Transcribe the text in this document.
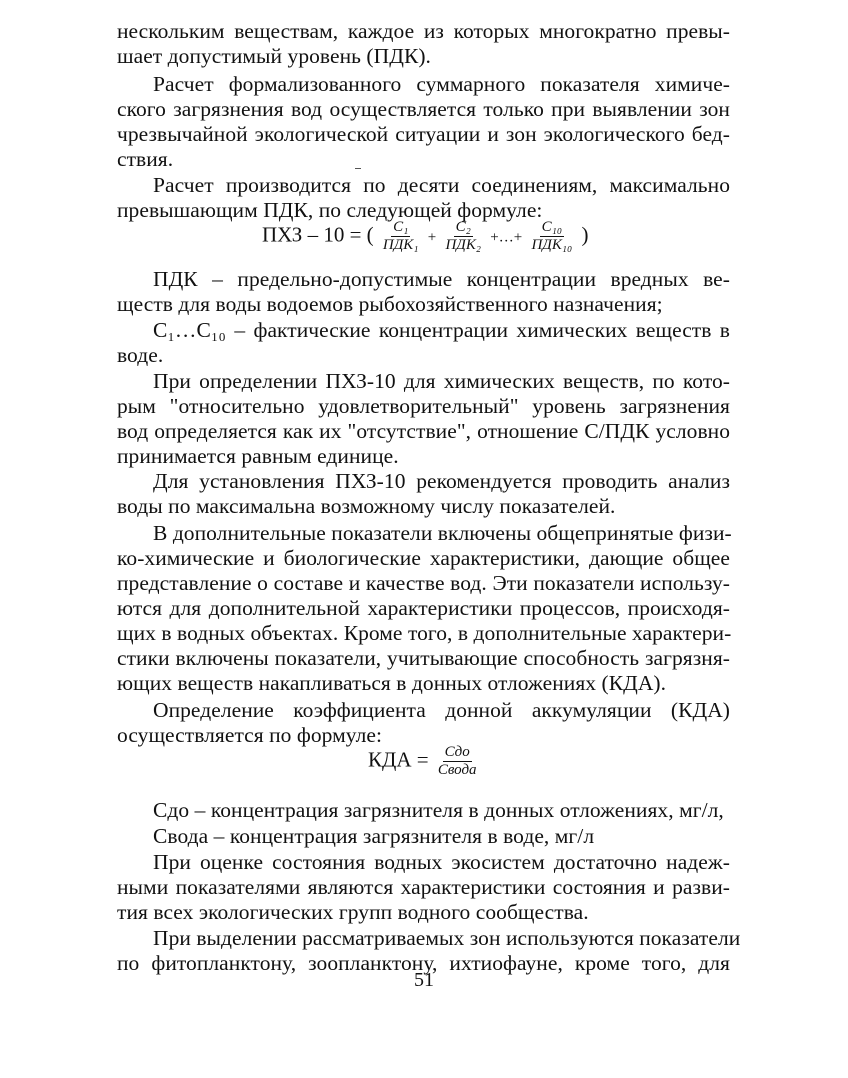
нескольким веществам, каждое из которых многократно превы-
шает допустимый уровень (ПДК).
Расчет формализованного суммарного показателя химиче-
ского загрязнения вод осуществляется только при выявлении зон
чрезвычайной экологической ситуации и зон экологического бед-
ствия.
Расчет производится по десяти соединениям, максимально
превышающим ПДК, по следующей формуле:
ПХЗ – 10 = ( $\frac{\text{C₁}}{\text{ПДК₁}} + \frac{\text{C₂}}{\text{ПДК₂}}$ +…+ $\frac{\text{C₁₀}}{\text{ПДК₁₀}}$ )
ПДК – предельно-допустимые концентрации вредных ве-
ществ для воды водоемов рыбохозяйственного назначения;
С₁…С₁₀ – фактические концентрации химических веществ в
воде.
При определении ПХЗ-10 для химических веществ, по кото-
рым "относительно удовлетворительный" уровень загрязнения
вод определяется как их "отсутствие", отношение С/ПДК условно
принимается равным единице.
Для установления ПХЗ-10 рекомендуется проводить анализ
воды по максимальна возможному числу показателей.
В дополнительные показатели включены общепринятые физи-
ко-химические и биологические характеристики, дающие общее
представление о составе и качестве вод. Эти показатели использу-
ются для дополнительной характеристики процессов, происходя-
щих в водных объектах. Кроме того, в дополнительные характери-
стики включены показатели, учитывающие способность загрязня-
ющих веществ накапливаться в донных отложениях (КДА).
Определение коэффициента донной аккумуляции (КДА)
осуществляется по формуле:
КДА = $\frac{\text{Cдо}}{\text{Cвода}}$
Сдо – концентрация загрязнителя в донных отложениях, мг/л,
Свода – концентрация загрязнителя в воде, мг/л
При оценке состояния водных экосистем достаточно надеж-
ными показателями являются характеристики состояния и разви-
тия всех экологических групп водного сообщества.
При выделении рассматриваемых зон используются показатели
по фитопланктону, зоопланктону, ихтиофауне, кроме того, для
51
